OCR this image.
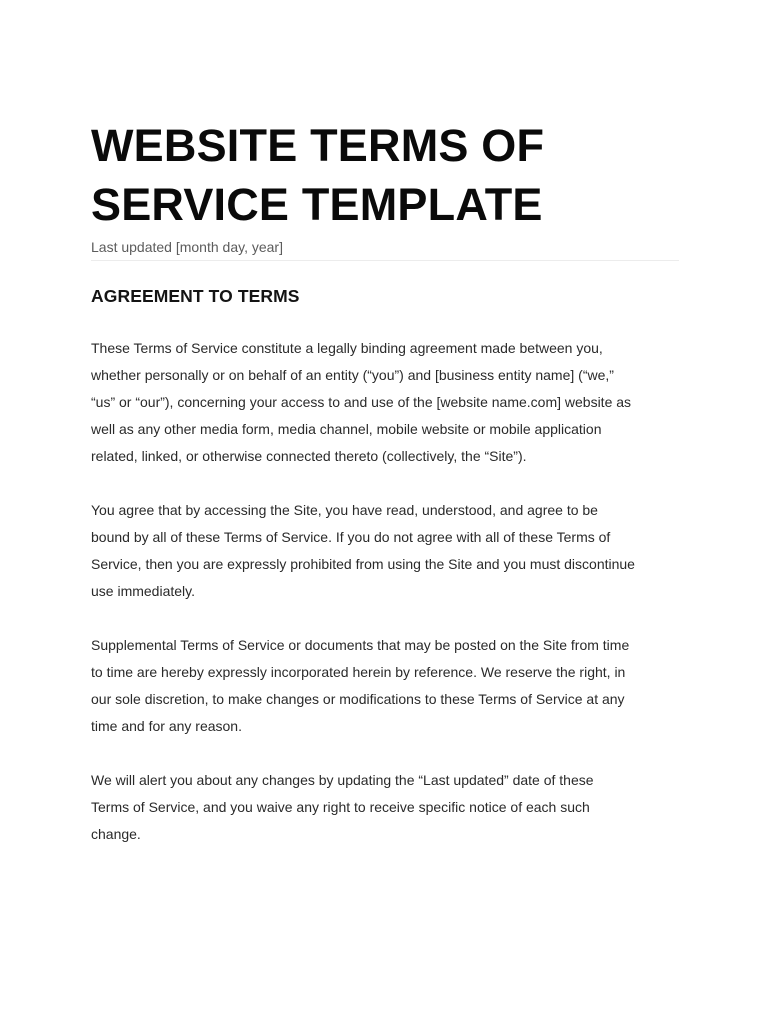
WEBSITE TERMS OF
SERVICE TEMPLATE
Last updated [month day, year]
AGREEMENT TO TERMS

These Terms of Service constitute a legally binding agreement made between you,
whether personally or on behalf of an entity (“you”) and [business entity name] (“we,”
“us” or “our”), concerning your access to and use of the [website name.com] website as
well as any other media form, media channel, mobile website or mobile application
related, linked, or otherwise connected thereto (collectively, the “Site”).

You agree that by accessing the Site, you have read, understood, and agree to be
bound by all of these Terms of Service. If you do not agree with all of these Terms of
Service, then you are expressly prohibited from using the Site and you must discontinue
use immediately.

Supplemental Terms of Service or documents that may be posted on the Site from time
to time are hereby expressly incorporated herein by reference. We reserve the right, in
our sole discretion, to make changes or modifications to these Terms of Service at any
time and for any reason.

We will alert you about any changes by updating the “Last updated” date of these
Terms of Service, and you waive any right to receive specific notice of each such
change.
